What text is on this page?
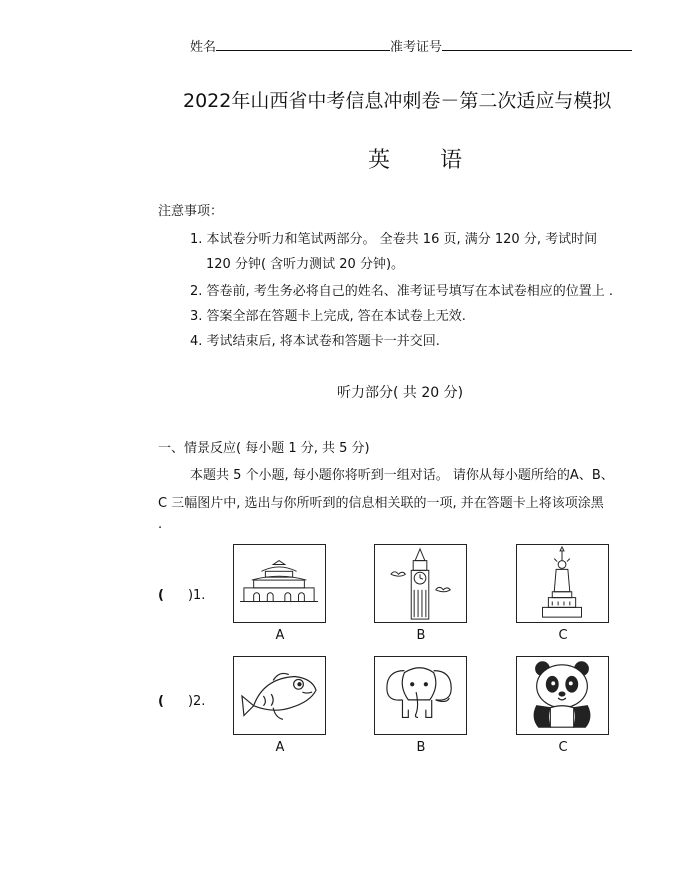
姓名	准考证号
2022年山西省中考信息冲刺卷－第二次适应与模拟
英　　语
注意事项：
1. 本试卷分听力和笔试两部分。 全卷共 16 页, 满分 120 分, 考试时间
120 分钟( 含听力测试 20 分钟)。
2. 答卷前, 考生务必将自己的姓名、准考证号填写在本试卷相应的位置上 .
3. 答案全部在答题卡上完成, 答在本试卷上无效.
4. 考试结束后, 将本试卷和答题卡一并交回.
听力部分( 共 20 分)
一、情景反应( 每小题 1 分, 共 5 分)
本题共 5 个小题, 每小题你将听到一组对话。 请你从每小题所给的A、B、
C 三幅图片中, 选出与你所听到的信息相关联的一项, 并在答题卡上将该项涂黑
.
( )1.
A	B	C
( )2.
A	B	C
